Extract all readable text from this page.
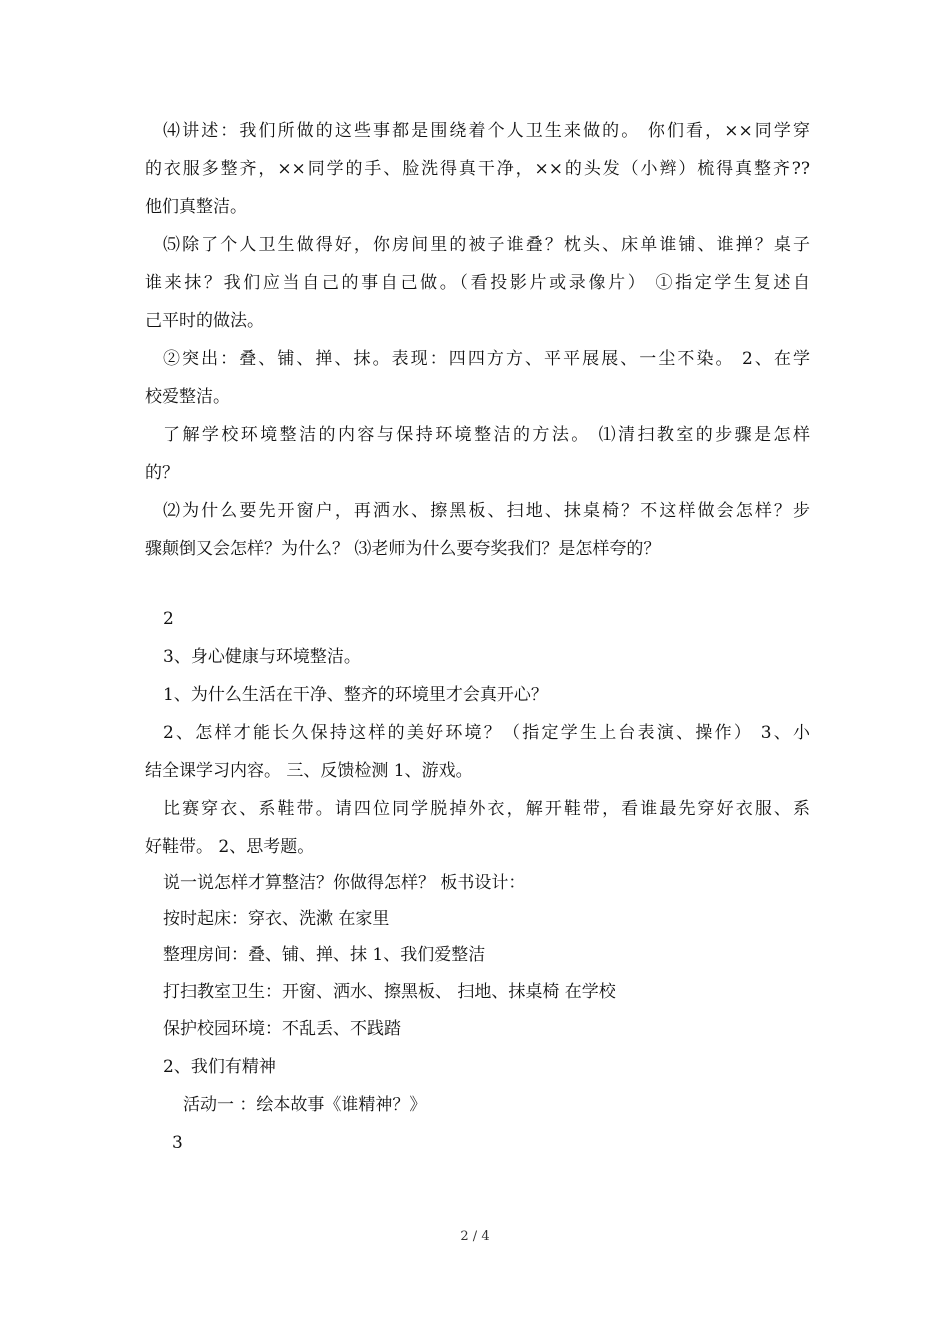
⑷讲述：我们所做的这些事都是围绕着个人卫生来做的。 你们看，××同学穿
的衣服多整齐，××同学的手、脸洗得真干净，××的头发（小辫）梳得真整齐??
他们真整洁。
⑸除了个人卫生做得好，你房间里的被子谁叠？枕头、床单谁铺、谁掸？桌子
谁来抹？我们应当自己的事自己做。（看投影片或录像片） ①指定学生复述自
己平时的做法。
②突出：叠、铺、掸、抹。表现：四四方方、平平展展、一尘不染。 2、在学
校爱整洁。
了解学校环境整洁的内容与保持环境整洁的方法。 ⑴清扫教室的步骤是怎样
的？
⑵为什么要先开窗户，再洒水、擦黑板、扫地、抹桌椅？不这样做会怎样？步
骤颠倒又会怎样？为什么？ ⑶老师为什么要夸奖我们？是怎样夸的？
2
3、身心健康与环境整洁。
1、为什么生活在干净、整齐的环境里才会真开心？
2、怎样才能长久保持这样的美好环境？（指定学生上台表演、操作） 3、小
结全课学习内容。 三、反馈检测 1、游戏。
比赛穿衣、系鞋带。请四位同学脱掉外衣，解开鞋带，看谁最先穿好衣服、系
好鞋带。 2、思考题。
说一说怎样才算整洁？你做得怎样？ 板书设计：
按时起床：穿衣、洗漱 在家里
整理房间：叠、铺、掸、抹 1、我们爱整洁
打扫教室卫生：开窗、洒水、擦黑板、 扫地、抹桌椅 在学校
保护校园环境：不乱丢、不践踏
2、我们有精神
活动一 ：绘本故事《谁精神？》
3
2 / 4
